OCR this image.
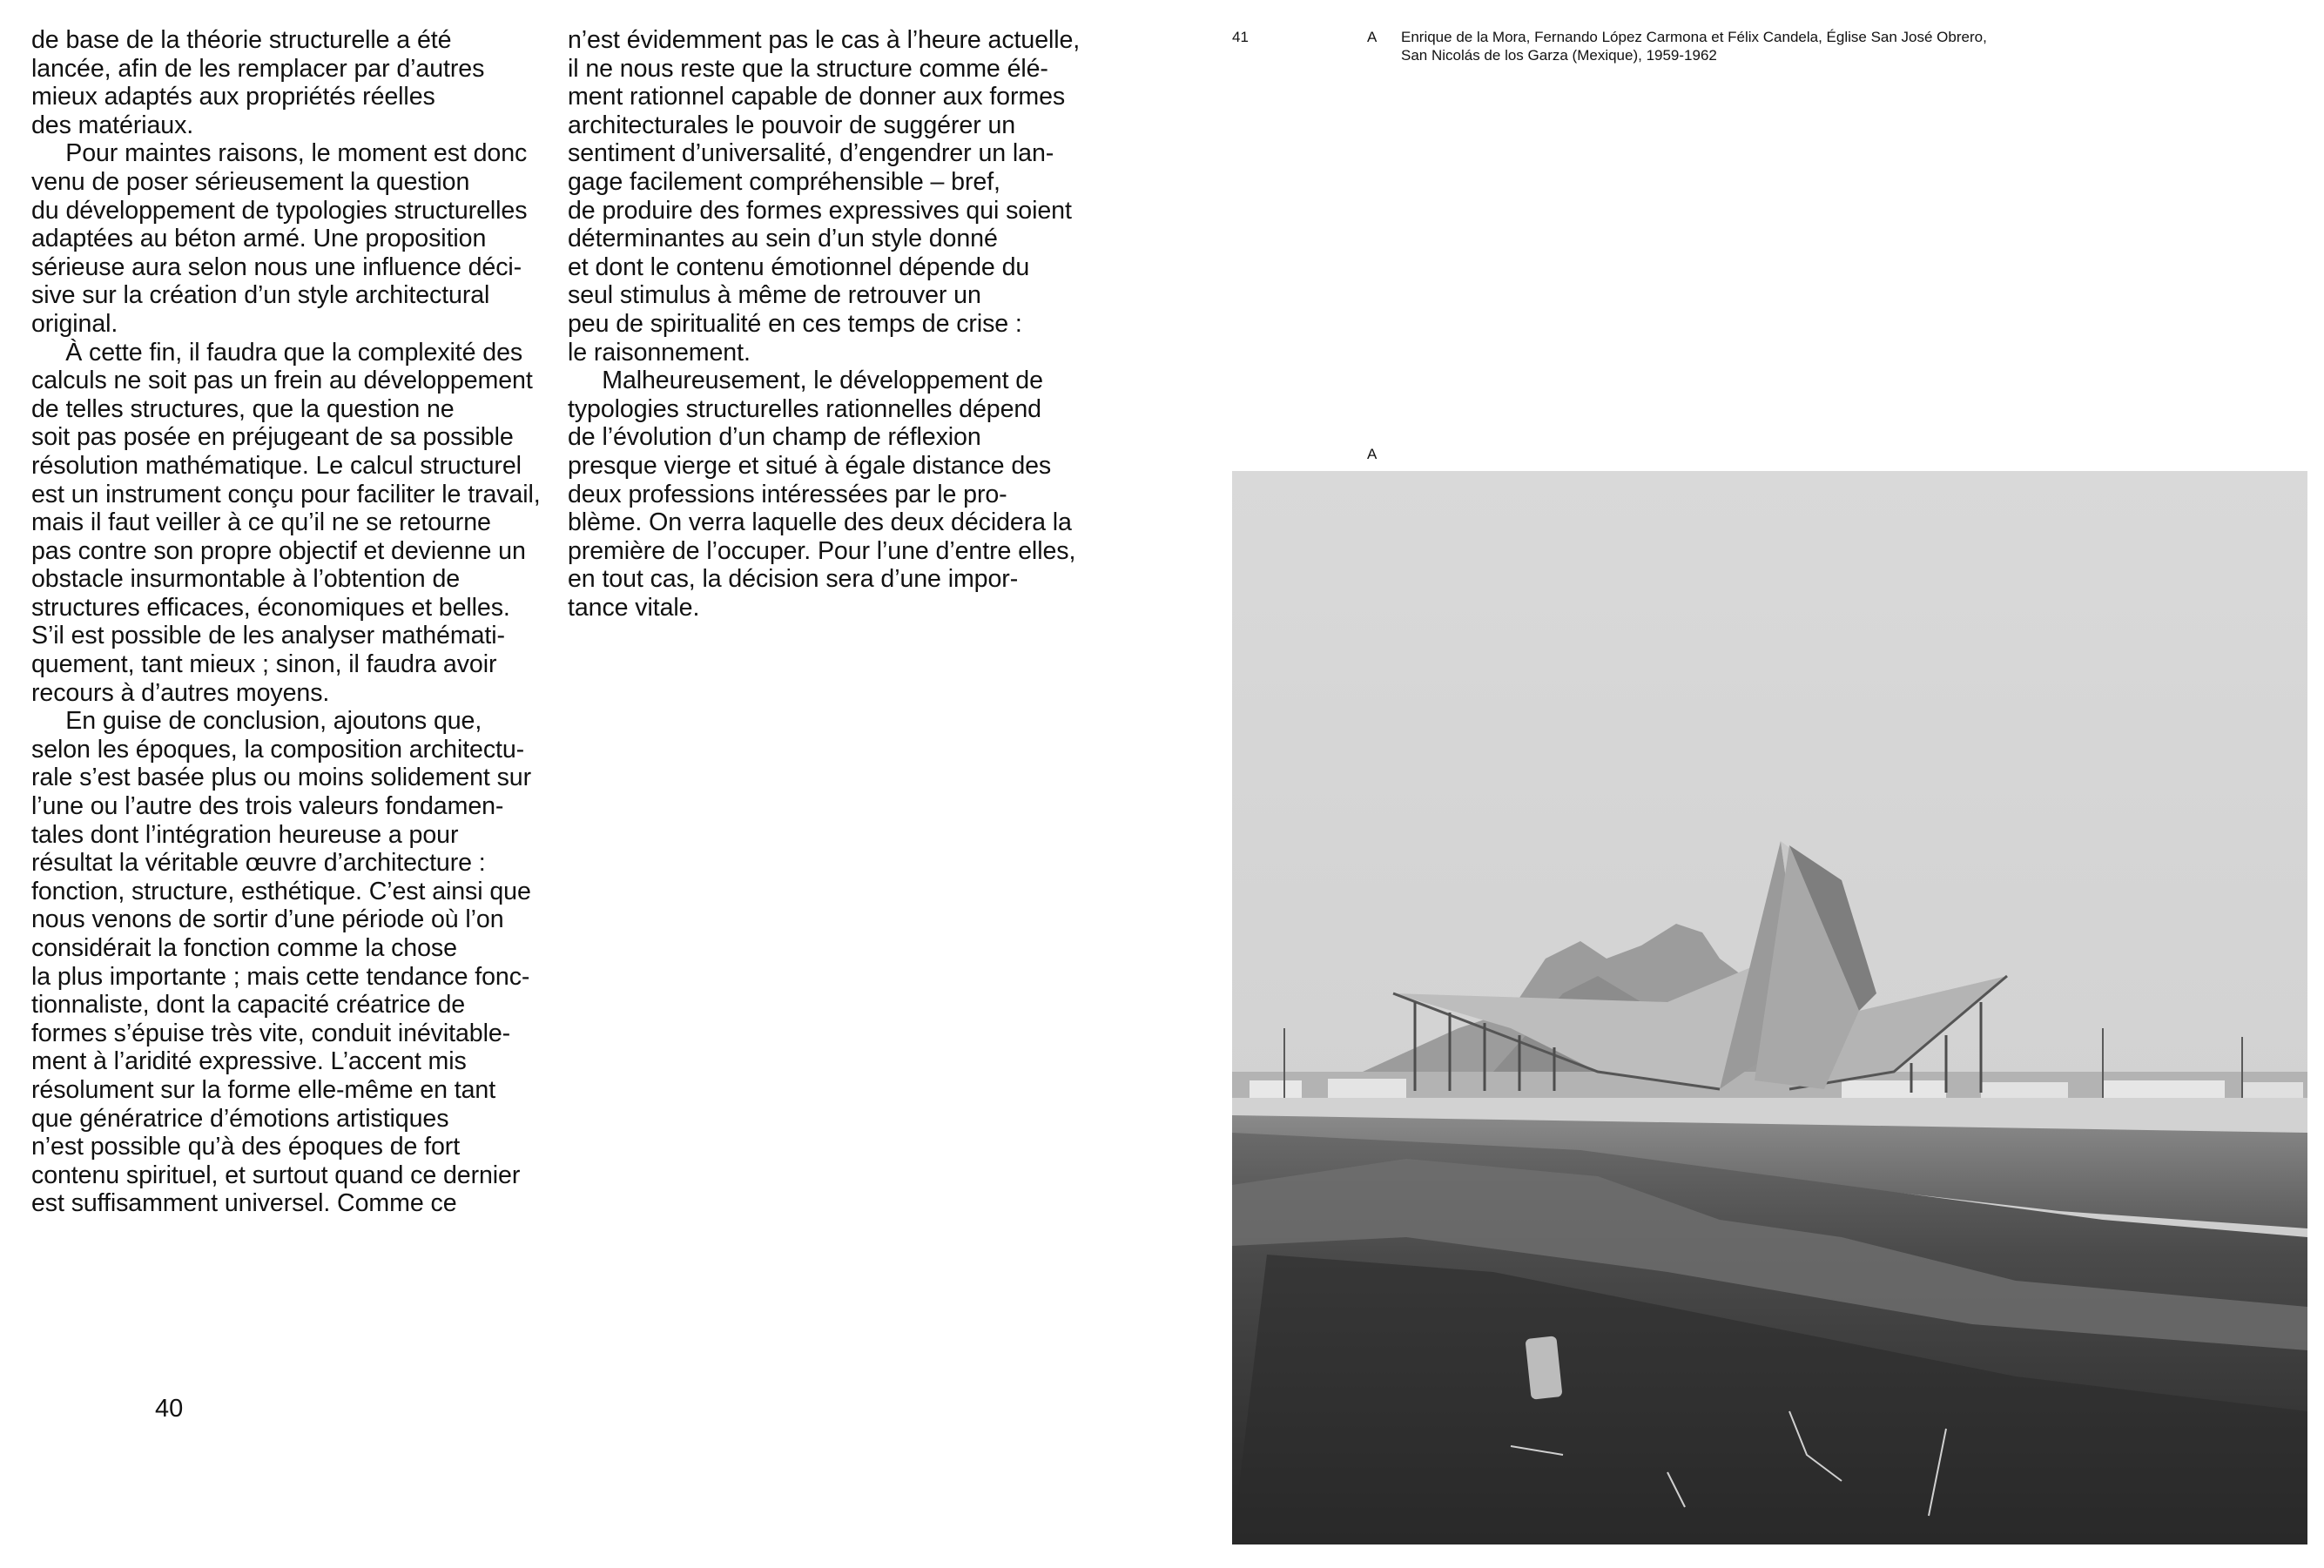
de base de la théorie structurelle a été
lancée, afin de les remplacer par d’autres
mieux adaptés aux propriétés réelles
des matériaux.
Pour maintes raisons, le moment est donc
venu de poser sérieusement la question
du développement de typologies structurelles
adaptées au béton armé. Une proposition
sérieuse aura selon nous une influence déci-
sive sur la création d’un style architectural
original.
À cette fin, il faudra que la complexité des
calculs ne soit pas un frein au développement
de telles structures, que la question ne
soit pas posée en préjugeant de sa possible
résolution mathématique. Le calcul structurel
est un instrument conçu pour faciliter le travail,
mais il faut veiller à ce qu’il ne se retourne
pas contre son propre objectif et devienne un
obstacle insurmontable à l’obtention de
structures efficaces, économiques et belles.
S’il est possible de les analyser mathémati-
quement, tant mieux ; sinon, il faudra avoir
recours à d’autres moyens.
En guise de conclusion, ajoutons que,
selon les époques, la composition architectu-
rale s’est basée plus ou moins solidement sur
l’une ou l’autre des trois valeurs fondamen-
tales dont l’intégration heureuse a pour
résultat la véritable œuvre d’architecture :
fonction, structure, esthétique. C’est ainsi que
nous venons de sortir d’une période où l’on
considérait la fonction comme la chose
la plus importante ; mais cette tendance fonc-
tionnaliste, dont la capacité créatrice de
formes s’épuise très vite, conduit inévitable-
ment à l’aridité expressive. L’accent mis
résolument sur la forme elle-même en tant
que génératrice d’émotions artistiques
n’est possible qu’à des époques de fort
contenu spirituel, et surtout quand ce dernier
est suffisamment universel. Comme ce
n’est évidemment pas le cas à l’heure actuelle,
il ne nous reste que la structure comme élé-
ment rationnel capable de donner aux formes
architecturales le pouvoir de suggérer un
sentiment d’universalité, d’engendrer un lan-
gage facilement compréhensible – bref,
de produire des formes expressives qui soient
déterminantes au sein d’un style donné
et dont le contenu émotionnel dépende du
seul stimulus à même de retrouver un
peu de spiritualité en ces temps de crise :
le raisonnement.
Malheureusement, le développement de
typologies structurelles rationnelles dépend
de l’évolution d’un champ de réflexion
presque vierge et situé à égale distance des
deux professions intéressées par le pro-
blème. On verra laquelle des deux décidera la
première de l’occuper. Pour l’une d’entre elles,
en tout cas, la décision sera d’une impor-
tance vitale.
40
41	A Enrique de la Mora, Fernando López Carmona et Félix Candela, Église San José Obrero,
San Nicolás de los Garza (Mexique), 1959-1962
A
